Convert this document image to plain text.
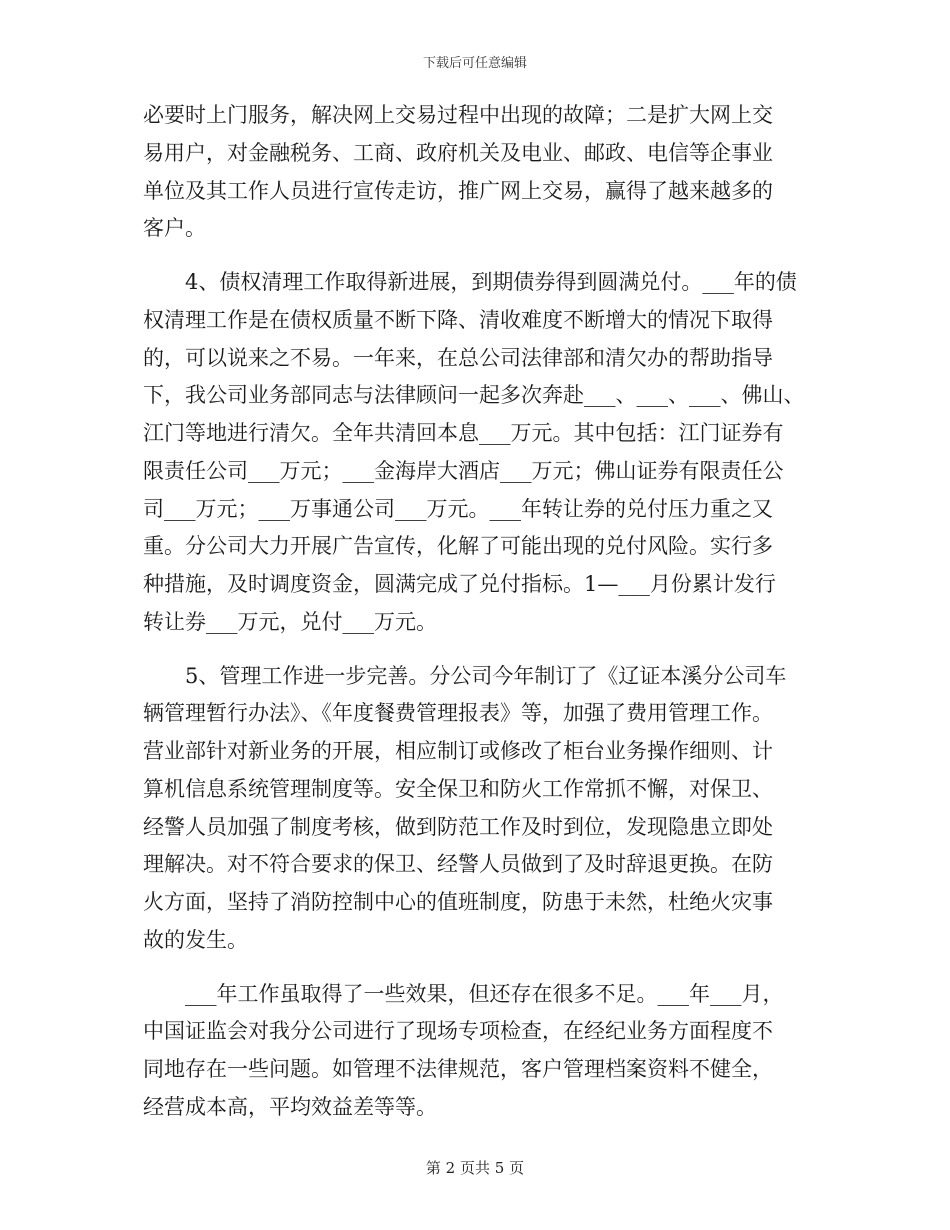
下载后可任意编辑
必要时上门服务，解决网上交易过程中出现的故障；二是扩大网上交
易用户，对金融税务、工商、政府机关及电业、邮政、电信等企事业
单位及其工作人员进行宣传走访，推广网上交易，赢得了越来越多的
客户。
　　4、债权清理工作取得新进展，到期债券得到圆满兑付。___年的债
权清理工作是在债权质量不断下降、清收难度不断增大的情况下取得
的，可以说来之不易。一年来，在总公司法律部和清欠办的帮助指导
下，我公司业务部同志与法律顾问一起多次奔赴___、___、___、佛山、
江门等地进行清欠。全年共清回本息___万元。其中包括：江门证券有
限责任公司___万元；___金海岸大酒店___万元；佛山证券有限责任公
司___万元；___万事通公司___万元。___年转让券的兑付压力重之又
重。分公司大力开展广告宣传，化解了可能出现的兑付风险。实行多
种措施，及时调度资金，圆满完成了兑付指标。1—___月份累计发行
转让券___万元，兑付___万元。
　　5、管理工作进一步完善。分公司今年制订了《辽证本溪分公司车
辆管理暂行办法》、《年度餐费管理报表》等，加强了费用管理工作。
营业部针对新业务的开展，相应制订或修改了柜台业务操作细则、计
算机信息系统管理制度等。安全保卫和防火工作常抓不懈，对保卫、
经警人员加强了制度考核，做到防范工作及时到位，发现隐患立即处
理解决。对不符合要求的保卫、经警人员做到了及时辞退更换。在防
火方面，坚持了消防控制中心的值班制度，防患于未然，杜绝火灾事
故的发生。
　　___年工作虽取得了一些效果，但还存在很多不足。___年___月，
中国证监会对我分公司进行了现场专项检查，在经纪业务方面程度不
同地存在一些问题。如管理不法律规范，客户管理档案资料不健全，
经营成本高，平均效益差等等。
第 2 页共 5 页
